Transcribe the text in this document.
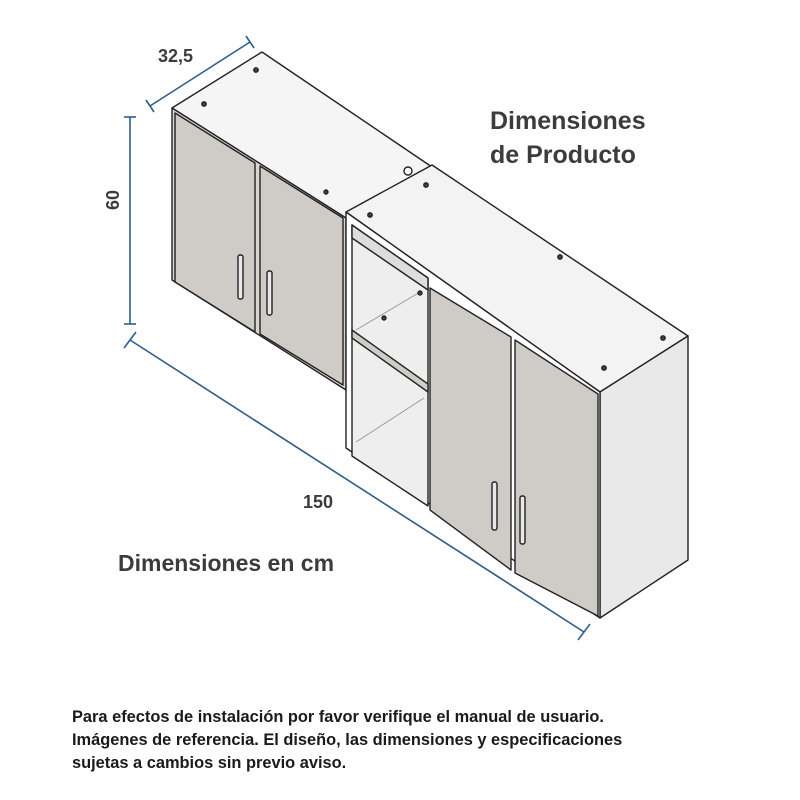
Dimensiones
de Producto
32,5
60
150
Dimensiones en cm
Para efectos de instalación por favor verifique el manual de usuario.
Imágenes de referencia. El diseño, las dimensiones y especificaciones
sujetas a cambios sin previo aviso.
